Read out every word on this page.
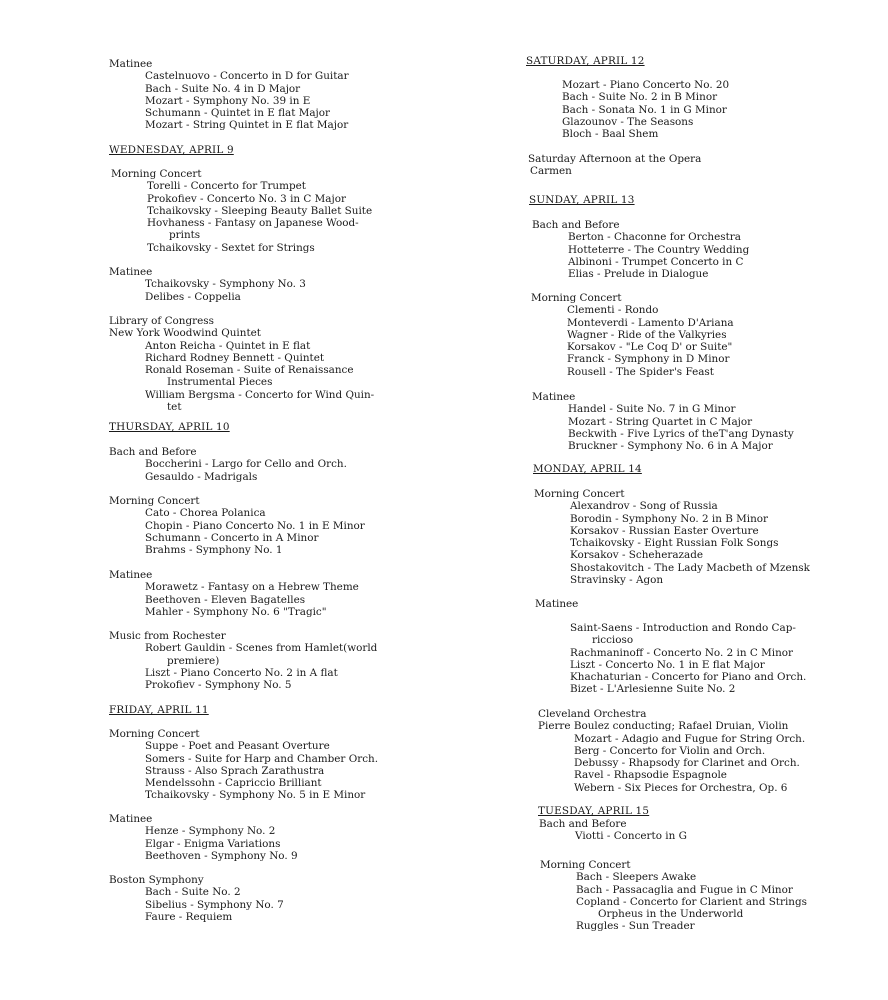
Matinee
Castelnuovo - Concerto in D for Guitar
Bach - Suite No. 4 in D Major
Mozart - Symphony No. 39 in E
Schumann - Quintet in E flat Major
Mozart - String Quintet in E flat Major
WEDNESDAY, APRIL 9
Morning Concert
Torelli - Concerto for Trumpet
Prokofiev - Concerto No. 3 in C Major
Tchaikovsky - Sleeping Beauty Ballet Suite
Hovhaness - Fantasy on Japanese Wood-
prints
Tchaikovsky - Sextet for Strings
Matinee
Tchaikovsky - Symphony No. 3
Delibes - Coppelia
Library of Congress
New York Woodwind Quintet
Anton Reicha - Quintet in E flat
Richard Rodney Bennett - Quintet
Ronald Roseman - Suite of Renaissance
Instrumental Pieces
William Bergsma - Concerto for Wind Quin-
tet
THURSDAY, APRIL 10
Bach and Before
Boccherini - Largo for Cello and Orch.
Gesauldo - Madrigals
Morning Concert
Cato - Chorea Polanica
Chopin - Piano Concerto No. 1 in E Minor
Schumann - Concerto in A Minor
Brahms - Symphony No. 1
Matinee
Morawetz - Fantasy on a Hebrew Theme
Beethoven - Eleven Bagatelles
Mahler - Symphony No. 6 "Tragic"
Music from Rochester
Robert Gauldin - Scenes from Hamlet(world
premiere)
Liszt - Piano Concerto No. 2 in A flat
Prokofiev - Symphony No. 5
FRIDAY, APRIL 11
Morning Concert
Suppe - Poet and Peasant Overture
Somers - Suite for Harp and Chamber Orch.
Strauss - Also Sprach Zarathustra
Mendelssohn - Capriccio Brilliant
Tchaikovsky - Symphony No. 5 in E Minor
Matinee
Henze - Symphony No. 2
Elgar - Enigma Variations
Beethoven - Symphony No. 9
Boston Symphony
Bach - Suite No. 2
Sibelius - Symphony No. 7
Faure - Requiem
SATURDAY, APRIL 12
Mozart - Piano Concerto No. 20
Bach - Suite No. 2 in B Minor
Bach - Sonata No. 1 in G Minor
Glazounov - The Seasons
Bloch - Baal Shem
Saturday Afternoon at the Opera
Carmen
SUNDAY, APRIL 13
Bach and Before
Berton - Chaconne for Orchestra
Hotteterre - The Country Wedding
Albinoni - Trumpet Concerto in C
Elias - Prelude in Dialogue
Morning Concert
Clementi - Rondo
Monteverdi - Lamento D'Ariana
Wagner - Ride of the Valkyries
Korsakov - "Le Coq D' or Suite"
Franck - Symphony in D Minor
Rousell - The Spider's Feast
Matinee
Handel - Suite No. 7 in G Minor
Mozart - String Quartet in C Major
Beckwith - Five Lyrics of theT'ang Dynasty
Bruckner - Symphony No. 6 in A Major
MONDAY, APRIL 14
Morning Concert
Alexandrov - Song of Russia
Borodin - Symphony No. 2 in B Minor
Korsakov - Russian Easter Overture
Tchaikovsky - Eight Russian Folk Songs
Korsakov - Scheherazade
Shostakovitch - The Lady Macbeth of Mzensk
Stravinsky - Agon
Matinee
Saint-Saens - Introduction and Rondo Cap-
riccioso
Rachmaninoff - Concerto No. 2 in C Minor
Liszt - Concerto No. 1 in E flat Major
Khachaturian - Concerto for Piano and Orch.
Bizet - L'Arlesienne Suite No. 2
Cleveland Orchestra
Pierre Boulez conducting; Rafael Druian, Violin
Mozart - Adagio and Fugue for String Orch.
Berg - Concerto for Violin and Orch.
Debussy - Rhapsody for Clarinet and Orch.
Ravel - Rhapsodie Espagnole
Webern - Six Pieces for Orchestra, Op. 6
TUESDAY, APRIL 15
Bach and Before
Viotti - Concerto in G
Morning Concert
Bach - Sleepers Awake
Bach - Passacaglia and Fugue in C Minor
Copland - Concerto for Clarient and Strings
Orpheus in the Underworld
Ruggles - Sun Treader
